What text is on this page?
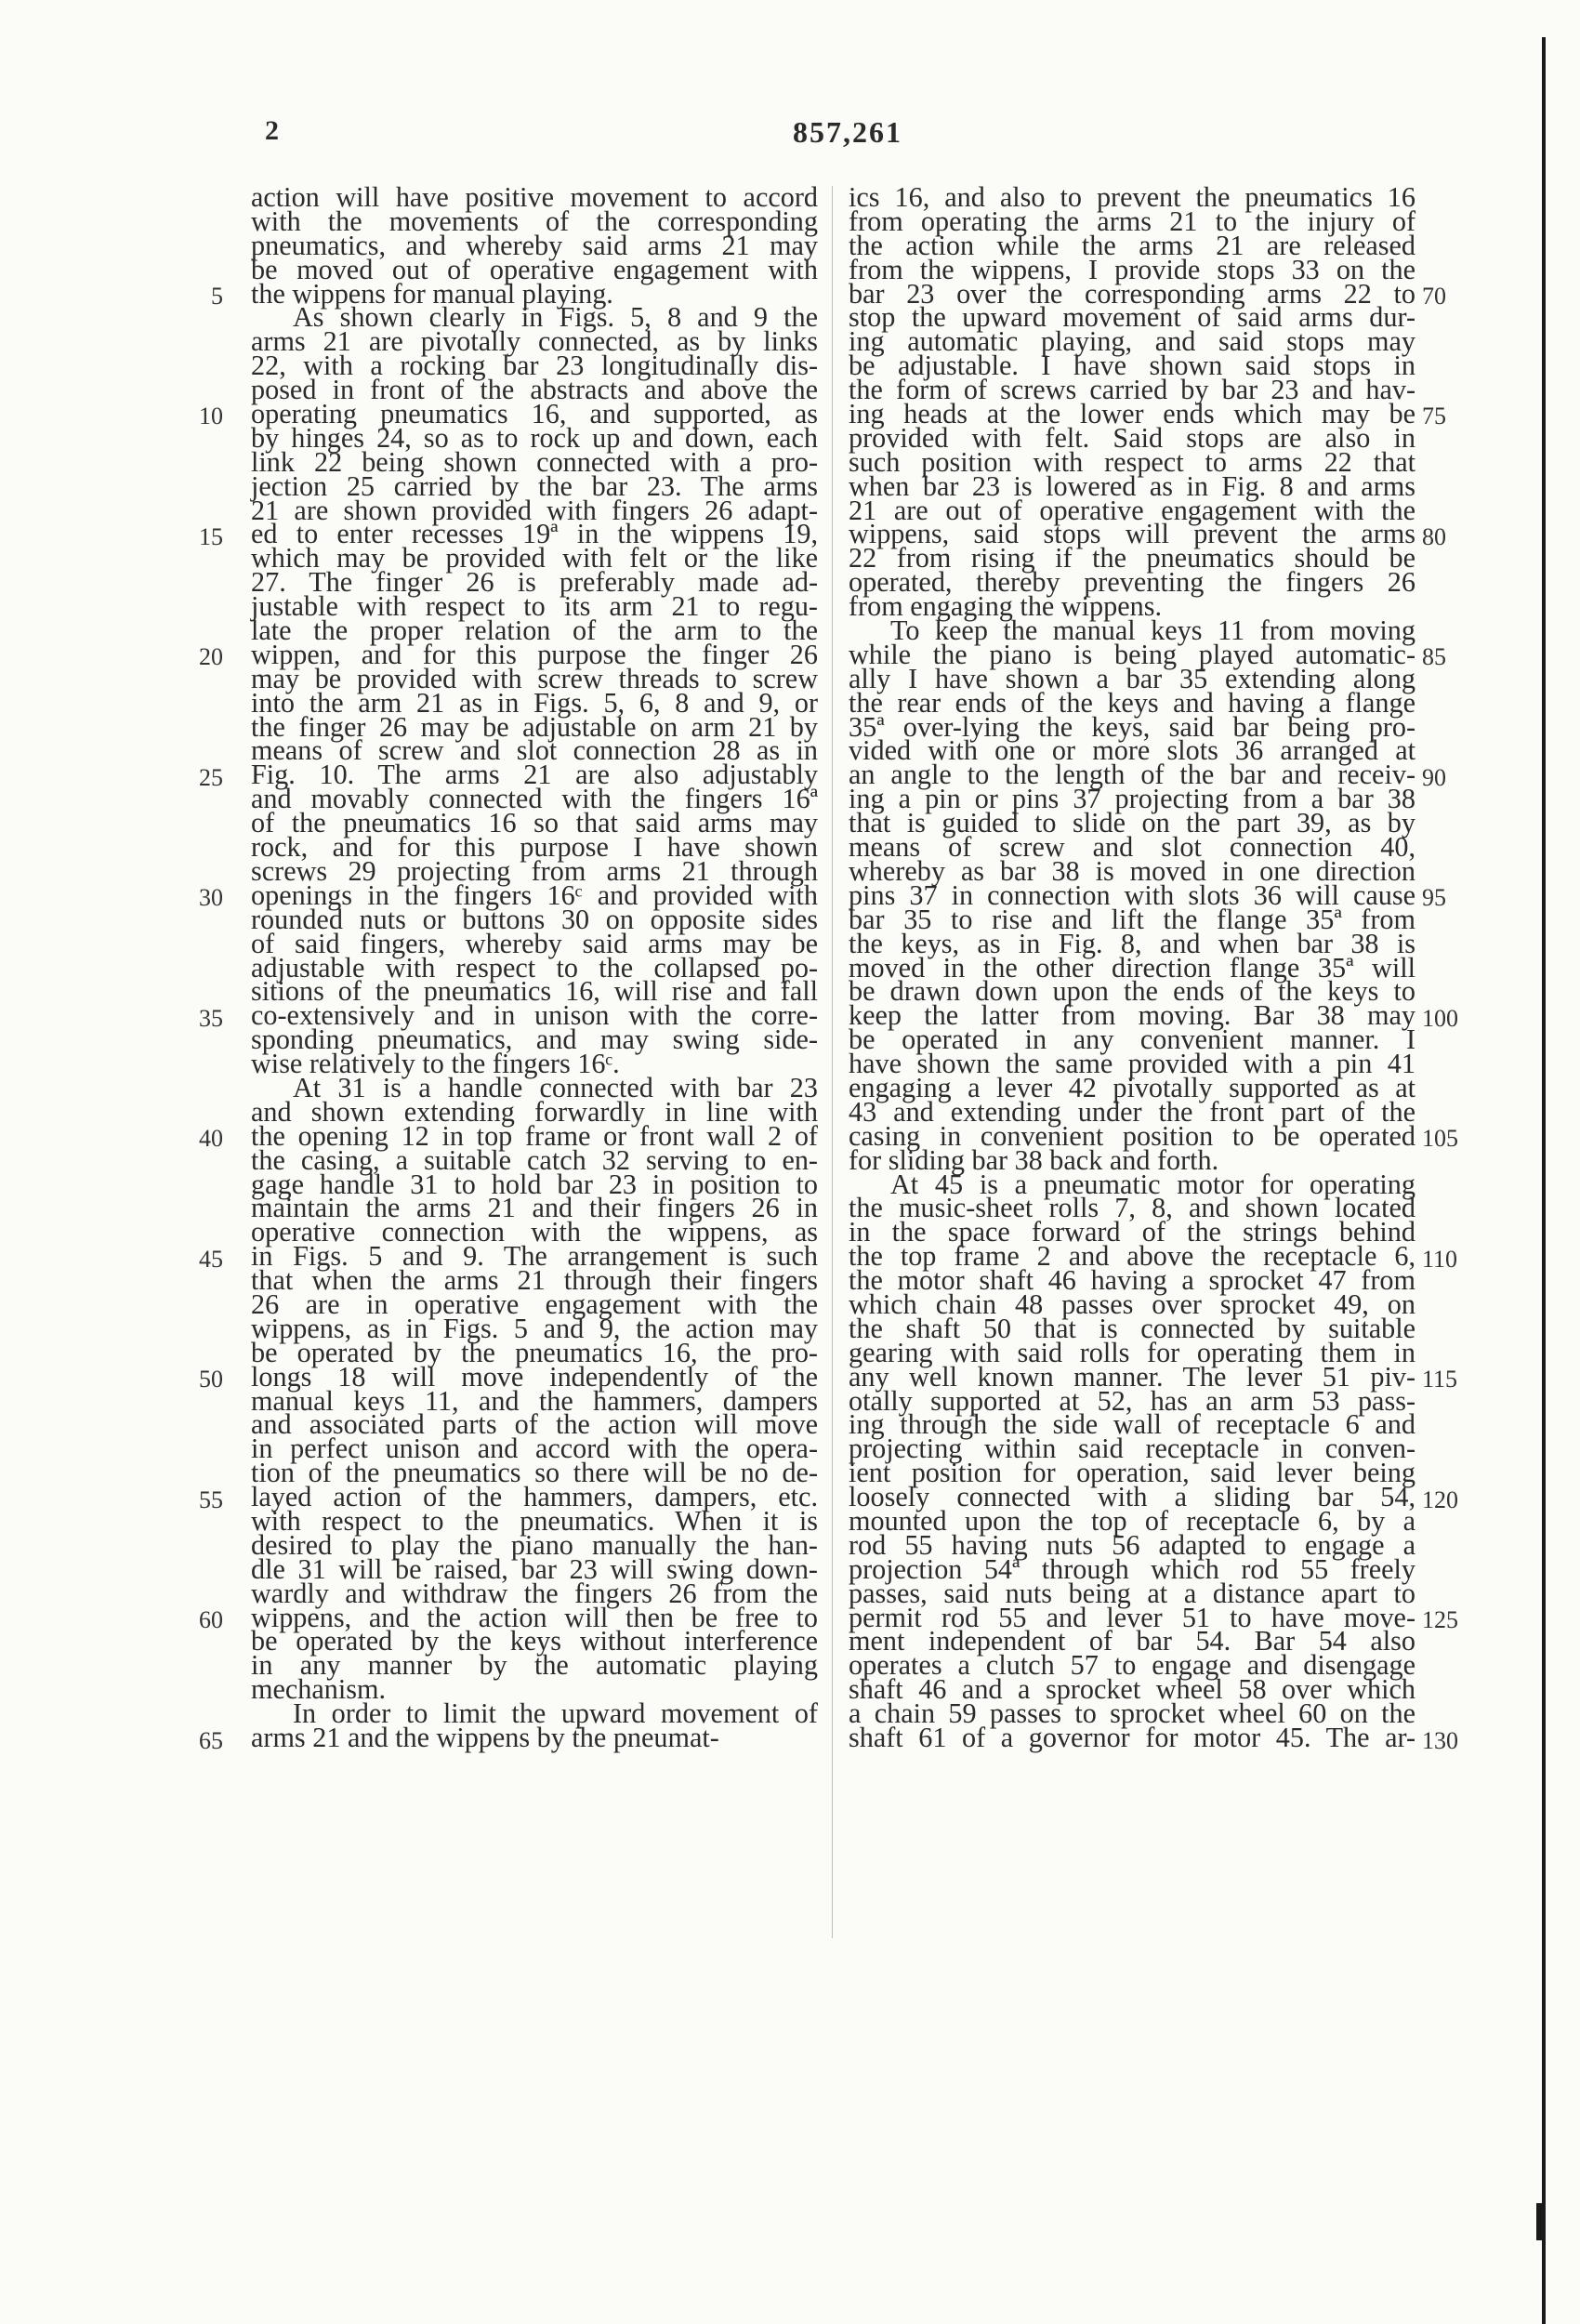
2	857,261
action will have positive movement to accord
with the movements of the corresponding
pneumatics, and whereby said arms 21 may
be moved out of operative engagement with
the wippens for manual playing.
As shown clearly in Figs. 5, 8 and 9 the
arms 21 are pivotally connected, as by links
22, with a rocking bar 23 longitudinally dis-
posed in front of the abstracts and above the
operating pneumatics 16, and supported, as
by hinges 24, so as to rock up and down, each
link 22 being shown connected with a pro-
jection 25 carried by the bar 23. The arms
21 are shown provided with fingers 26 adapt-
ed to enter recesses 19ª in the wippens 19,
which may be provided with felt or the like
27. The finger 26 is preferably made ad-
justable with respect to its arm 21 to regu-
late the proper relation of the arm to the
wippen, and for this purpose the finger 26
may be provided with screw threads to screw
into the arm 21 as in Figs. 5, 6, 8 and 9, or
the finger 26 may be adjustable on arm 21 by
means of screw and slot connection 28 as in
Fig. 10. The arms 21 are also adjustably
and movably connected with the fingers 16ª
of the pneumatics 16 so that said arms may
rock, and for this purpose I have shown
screws 29 projecting from arms 21 through
openings in the fingers 16ᶜ and provided with
rounded nuts or buttons 30 on opposite sides
of said fingers, whereby said arms may be
adjustable with respect to the collapsed po-
sitions of the pneumatics 16, will rise and fall
co-extensively and in unison with the corre-
sponding pneumatics, and may swing side-
wise relatively to the fingers 16ᶜ.
At 31 is a handle connected with bar 23
and shown extending forwardly in line with
the opening 12 in top frame or front wall 2 of
the casing, a suitable catch 32 serving to en-
gage handle 31 to hold bar 23 in position to
maintain the arms 21 and their fingers 26 in
operative connection with the wippens, as
in Figs. 5 and 9. The arrangement is such
that when the arms 21 through their fingers
26 are in operative engagement with the
wippens, as in Figs. 5 and 9, the action may
be operated by the pneumatics 16, the pro-
longs 18 will move independently of the
manual keys 11, and the hammers, dampers
and associated parts of the action will move
in perfect unison and accord with the opera-
tion of the pneumatics so there will be no de-
layed action of the hammers, dampers, etc.
with respect to the pneumatics. When it is
desired to play the piano manually the han-
dle 31 will be raised, bar 23 will swing down-
wardly and withdraw the fingers 26 from the
wippens, and the action will then be free to
be operated by the keys without interference
in any manner by the automatic playing
mechanism.
In order to limit the upward movement of
arms 21 and the wippens by the pneumat-
ics 16, and also to prevent the pneumatics 16
from operating the arms 21 to the injury of
the action while the arms 21 are released
from the wippens, I provide stops 33 on the
bar 23 over the corresponding arms 22 to
stop the upward movement of said arms dur-
ing automatic playing, and said stops may
be adjustable. I have shown said stops in
the form of screws carried by bar 23 and hav-
ing heads at the lower ends which may be
provided with felt. Said stops are also in
such position with respect to arms 22 that
when bar 23 is lowered as in Fig. 8 and arms
21 are out of operative engagement with the
wippens, said stops will prevent the arms
22 from rising if the pneumatics should be
operated, thereby preventing the fingers 26
from engaging the wippens.
To keep the manual keys 11 from moving
while the piano is being played automatic-
ally I have shown a bar 35 extending along
the rear ends of the keys and having a flange
35ª over-lying the keys, said bar being pro-
vided with one or more slots 36 arranged at
an angle to the length of the bar and receiv-
ing a pin or pins 37 projecting from a bar 38
that is guided to slide on the part 39, as by
means of screw and slot connection 40,
whereby as bar 38 is moved in one direction
pins 37 in connection with slots 36 will cause
bar 35 to rise and lift the flange 35ª from
the keys, as in Fig. 8, and when bar 38 is
moved in the other direction flange 35ª will
be drawn down upon the ends of the keys to
keep the latter from moving. Bar 38 may
be operated in any convenient manner. I
have shown the same provided with a pin 41
engaging a lever 42 pivotally supported as at
43 and extending under the front part of the
casing in convenient position to be operated
for sliding bar 38 back and forth.
At 45 is a pneumatic motor for operating
the music-sheet rolls 7, 8, and shown located
in the space forward of the strings behind
the top frame 2 and above the receptacle 6,
the motor shaft 46 having a sprocket 47 from
which chain 48 passes over sprocket 49, on
the shaft 50 that is connected by suitable
gearing with said rolls for operating them in
any well known manner. The lever 51 piv-
otally supported at 52, has an arm 53 pass-
ing through the side wall of receptacle 6 and
projecting within said receptacle in conven-
ient position for operation, said lever being
loosely connected with a sliding bar 54,
mounted upon the top of receptacle 6, by a
rod 55 having nuts 56 adapted to engage a
projection 54ª through which rod 55 freely
passes, said nuts being at a distance apart to
permit rod 55 and lever 51 to have move-
ment independent of bar 54. Bar 54 also
operates a clutch 57 to engage and disengage
shaft 46 and a sprocket wheel 58 over which
a chain 59 passes to sprocket wheel 60 on the
shaft 61 of a governor for motor 45. The ar-
5
10
15
20
25
30
35
40
45
50
55
60
65
70
75
80
85
90
95
100
105
110
115
120
125
130
